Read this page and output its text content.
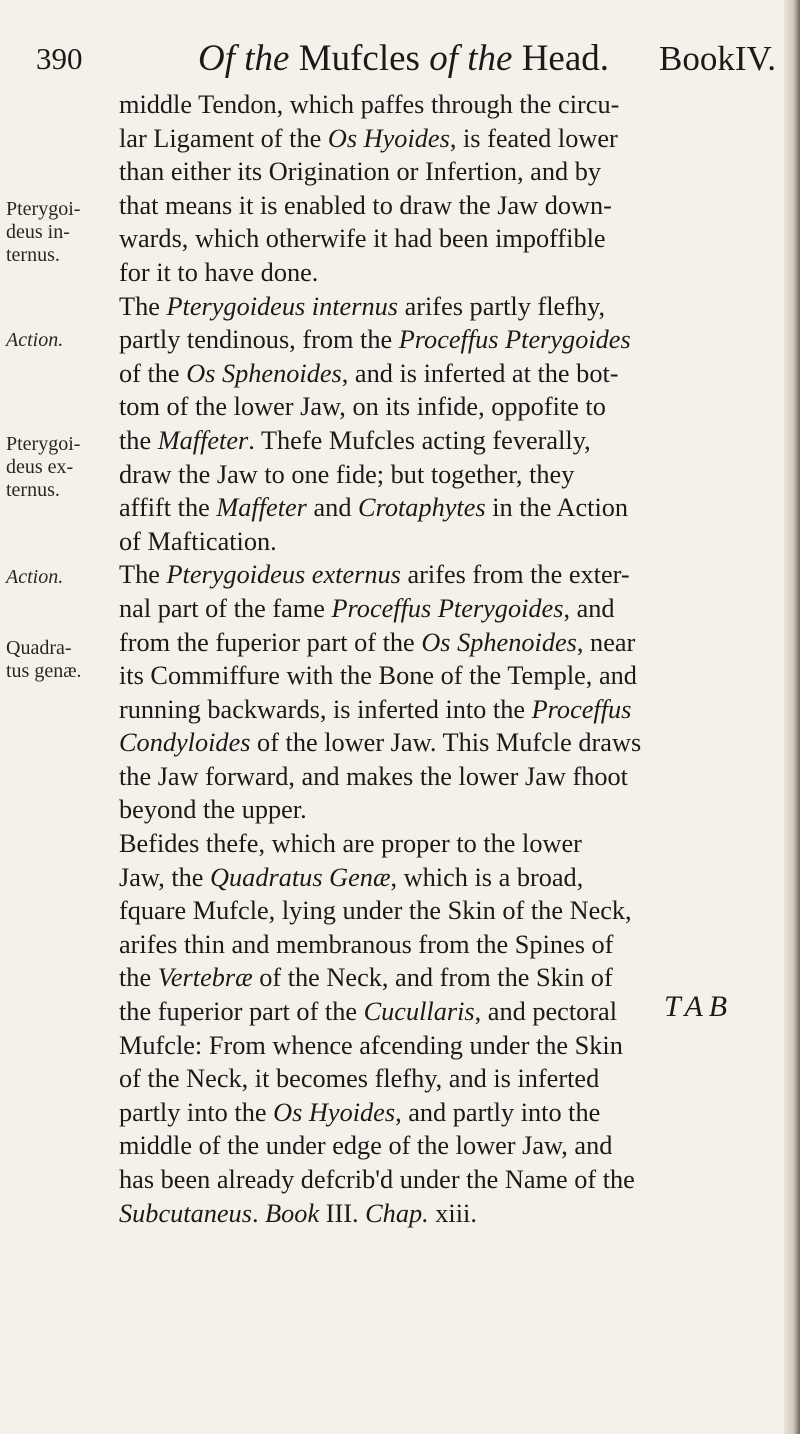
390	Of the Mufcles of the Head. BookIV.
Pterygoi-
deus in-
ternus.
Action.
Pterygoi-
deus ex-
ternus.
Action.
Quadra-
tus genæ.
middle Tendon, which paffes through the circu-
lar Ligament of the Os Hyoides, is feated lower
than either its Origination or Infertion, and by
that means it is enabled to draw the Jaw down-
wards, which otherwife it had been impoffible
for it to have done.
The Pterygoideus internus arifes partly flefhy,
partly tendinous, from the Proceffus Pterygoides
of the Os Sphenoides, and is inferted at the bot-
tom of the lower Jaw, on its infide, oppofite to
the Maffeter. Thefe Mufcles acting feverally,
draw the Jaw to one fide; but together, they
affift the Maffeter and Crotaphytes in the Action
of Maftication.
The Pterygoideus externus arifes from the exter-
nal part of the fame Proceffus Pterygoides, and
from the fuperior part of the Os Sphenoides, near
its Commiffure with the Bone of the Temple, and
running backwards, is inferted into the Proceffus
Condyloides of the lower Jaw. This Mufcle draws
the Jaw forward, and makes the lower Jaw fhoot
beyond the upper.
Befides thefe, which are proper to the lower
Jaw, the Quadratus Genæ, which is a broad,
fquare Mufcle, lying under the Skin of the Neck,
arifes thin and membranous from the Spines of
the Vertebræ of the Neck, and from the Skin of
the fuperior part of the Cucullaris, and pectoral
Mufcle: From whence afcending under the Skin
of the Neck, it becomes flefhy, and is inferted
partly into the Os Hyoides, and partly into the
middle of the under edge of the lower Jaw, and
has been already defcrib'd under the Name of the
Subcutaneus. Book III. Chap. xiii.
TAB
